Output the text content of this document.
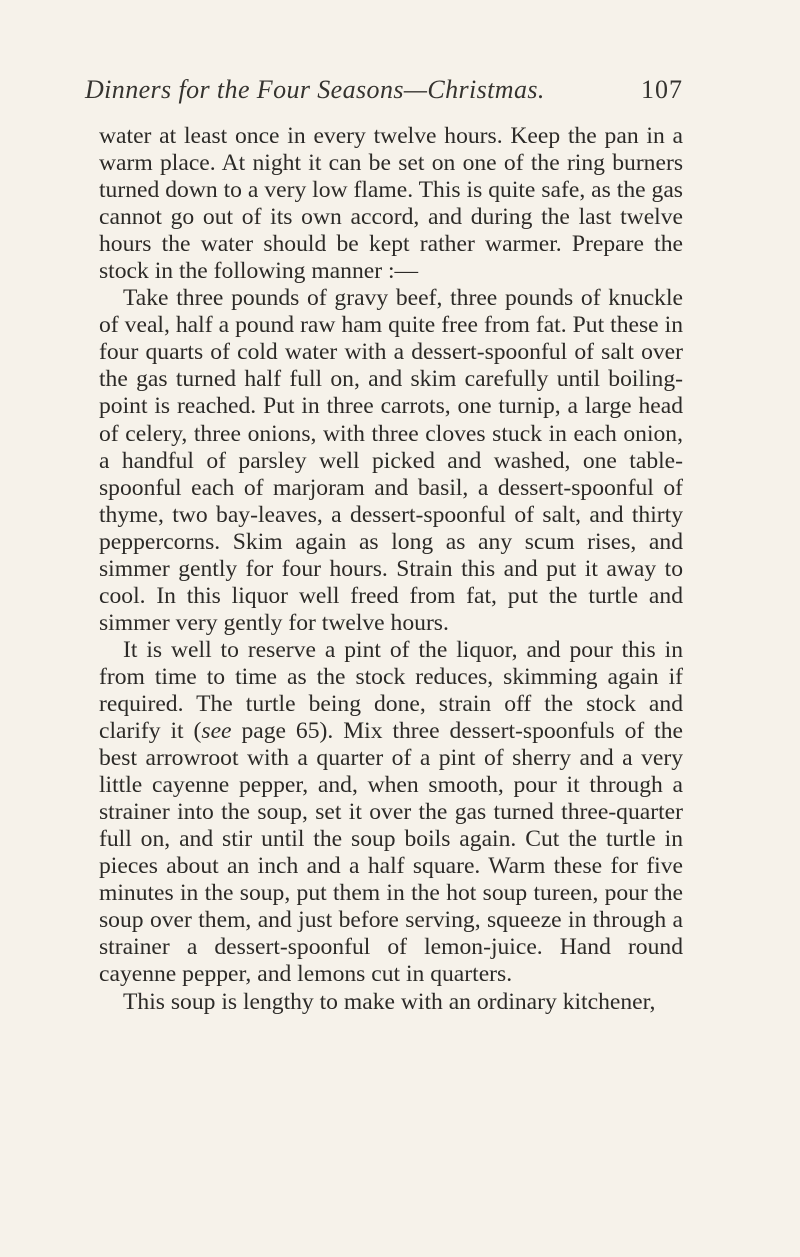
Dinners for the Four Seasons—Christmas.	107

water at least once in every twelve hours. Keep the pan in a warm place. At night it can be set on one of the ring burners turned down to a very low flame. This is quite safe, as the gas cannot go out of its own accord, and during the last twelve hours the water should be kept rather warmer. Prepare the stock in the following manner :—

Take three pounds of gravy beef, three pounds of knuckle of veal, half a pound raw ham quite free from fat. Put these in four quarts of cold water with a dessert-spoonful of salt over the gas turned half full on, and skim carefully until boiling-point is reached. Put in three carrots, one turnip, a large head of celery, three onions, with three cloves stuck in each onion, a handful of parsley well picked and washed, one table-spoonful each of marjoram and basil, a dessert-spoonful of thyme, two bay-leaves, a dessert-spoonful of salt, and thirty peppercorns. Skim again as long as any scum rises, and simmer gently for four hours. Strain this and put it away to cool. In this liquor well freed from fat, put the turtle and simmer very gently for twelve hours.

It is well to reserve a pint of the liquor, and pour this in from time to time as the stock reduces, skimming again if required. The turtle being done, strain off the stock and clarify it (see page 65). Mix three dessert-spoonfuls of the best arrowroot with a quarter of a pint of sherry and a very little cayenne pepper, and, when smooth, pour it through a strainer into the soup, set it over the gas turned three-quarter full on, and stir until the soup boils again. Cut the turtle in pieces about an inch and a half square. Warm these for five minutes in the soup, put them in the hot soup tureen, pour the soup over them, and just before serving, squeeze in through a strainer a dessert-spoonful of lemon-juice. Hand round cayenne pepper, and lemons cut in quarters.

This soup is lengthy to make with an ordinary kitchener,
